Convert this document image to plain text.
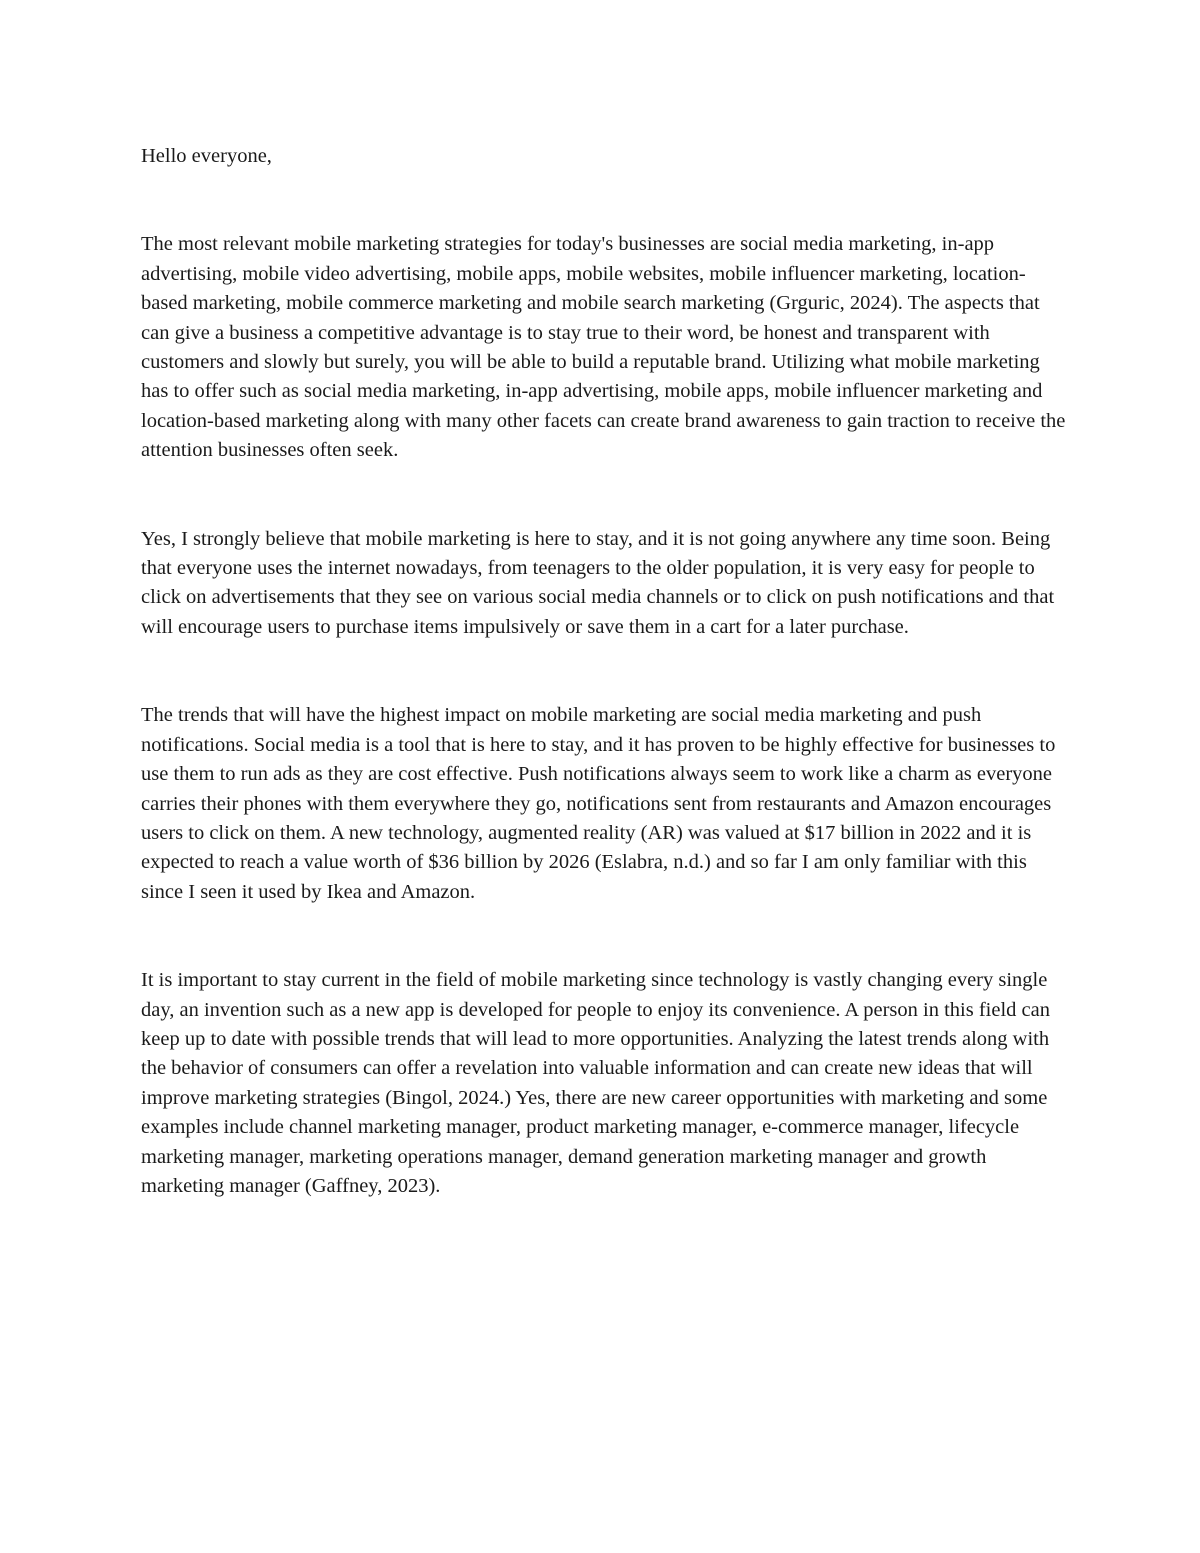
Hello everyone,

The most relevant mobile marketing strategies for today's businesses are social media marketing, in-app advertising, mobile video advertising, mobile apps, mobile websites, mobile influencer marketing, location-based marketing, mobile commerce marketing and mobile search marketing (Grguric, 2024). The aspects that can give a business a competitive advantage is to stay true to their word, be honest and transparent with customers and slowly but surely, you will be able to build a reputable brand. Utilizing what mobile marketing has to offer such as social media marketing, in-app advertising, mobile apps, mobile influencer marketing and location-based marketing along with many other facets can create brand awareness to gain traction to receive the attention businesses often seek.

Yes, I strongly believe that mobile marketing is here to stay, and it is not going anywhere any time soon. Being that everyone uses the internet nowadays, from teenagers to the older population, it is very easy for people to click on advertisements that they see on various social media channels or to click on push notifications and that will encourage users to purchase items impulsively or save them in a cart for a later purchase.

The trends that will have the highest impact on mobile marketing are social media marketing and push notifications. Social media is a tool that is here to stay, and it has proven to be highly effective for businesses to use them to run ads as they are cost effective. Push notifications always seem to work like a charm as everyone carries their phones with them everywhere they go, notifications sent from restaurants and Amazon encourages users to click on them. A new technology, augmented reality (AR) was valued at $17 billion in 2022 and it is expected to reach a value worth of $36 billion by 2026 (Eslabra, n.d.) and so far I am only familiar with this since I seen it used by Ikea and Amazon.

It is important to stay current in the field of mobile marketing since technology is vastly changing every single day, an invention such as a new app is developed for people to enjoy its convenience. A person in this field can keep up to date with possible trends that will lead to more opportunities. Analyzing the latest trends along with the behavior of consumers can offer a revelation into valuable information and can create new ideas that will improve marketing strategies (Bingol, 2024.) Yes, there are new career opportunities with marketing and some examples include channel marketing manager, product marketing manager, e-commerce manager, lifecycle marketing manager, marketing operations manager, demand generation marketing manager and growth marketing manager (Gaffney, 2023).
